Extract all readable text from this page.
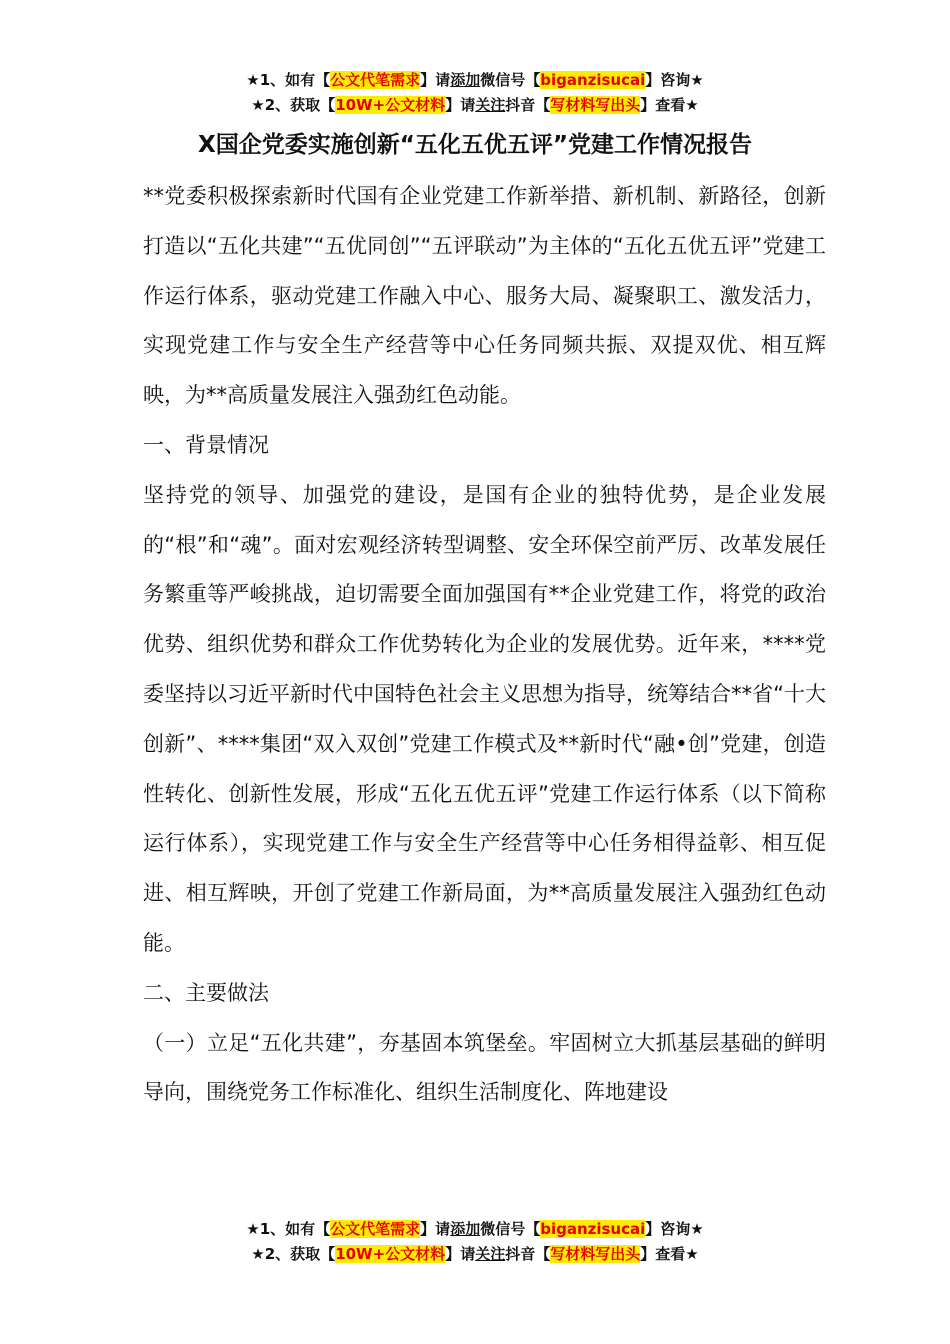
★1、如有【公文代笔需求】请添加微信号【biganzisucai】咨询★
★2、获取【10W+公文材料】请关注抖音【写材料写出头】查看★
X国企党委实施创新“五化五优五评”党建工作情况报告

**党委积极探索新时代国有企业党建工作新举措、新机制、新路径，创新打造以“五化共建”“五优同创”“五评联动”为主体的“五化五优五评”党建工作运行体系，驱动党建工作融入中心、服务大局、凝聚职工、激发活力，实现党建工作与安全生产经营等中心任务同频共振、双提双优、相互辉映，为**高质量发展注入强劲红色动能。

一、背景情况

坚持党的领导、加强党的建设，是国有企业的独特优势，是企业发展的“根”和“魂”。面对宏观经济转型调整、安全环保空前严厉、改革发展任务繁重等严峻挑战，迫切需要全面加强国有**企业党建工作，将党的政治优势、组织优势和群众工作优势转化为企业的发展优势。近年来，****党委坚持以习近平新时代中国特色社会主义思想为指导，统筹结合**省“十大创新”、****集团“双入双创”党建工作模式及**新时代“融•创”党建，创造性转化、创新性发展，形成“五化五优五评”党建工作运行体系（以下简称运行体系），实现党建工作与安全生产经营等中心任务相得益彰、相互促进、相互辉映，开创了党建工作新局面，为**高质量发展注入强劲红色动能。

二、主要做法

（一）立足“五化共建”，夯基固本筑堡垒。牢固树立大抓基层基础的鲜明导向，围绕党务工作标准化、组织生活制度化、阵地建设

★1、如有【公文代笔需求】请添加微信号【biganzisucai】咨询★
★2、获取【10W+公文材料】请关注抖音【写材料写出头】查看★
